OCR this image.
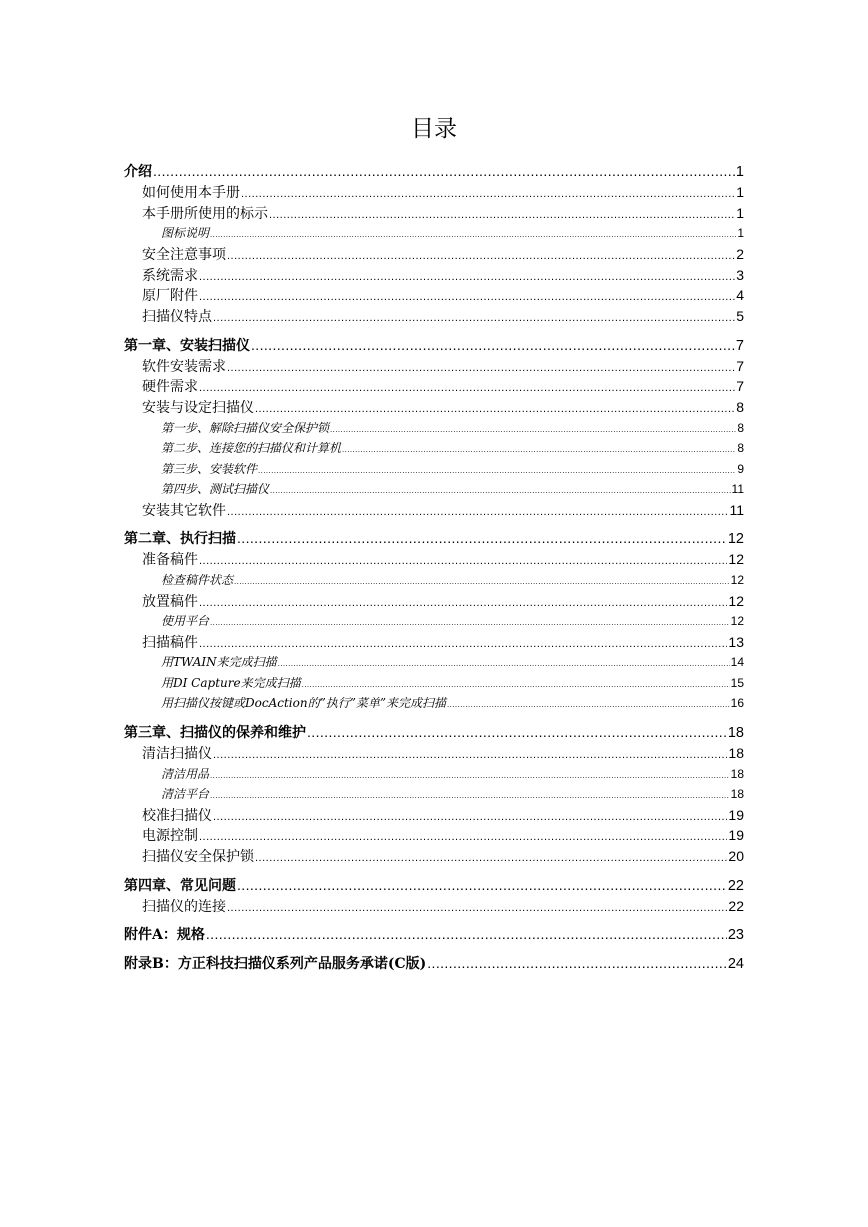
目录
介绍 .....	1
如何使用本手册 .....	1
本手册所使用的标示 .....	1
图标说明 .....	1
安全注意事项 .....	2
系统需求 .....	3
原厂附件 .....	4
扫描仪特点 .....	5
第一章、安装扫描仪 .....	7
软件安装需求 .....	7
硬件需求 .....	7
安装与设定扫描仪 .....	8
第一步、解除扫描仪安全保护锁 .....	8
第二步、连接您的扫描仪和计算机 .....	8
第三步、安装软件 .....	9
第四步、测试扫描仪 .....	11
安装其它软件 .....	11
第二章、执行扫描 .....	12
准备稿件 .....	12
检查稿件状态 .....	12
放置稿件 .....	12
使用平台 .....	12
扫描稿件 .....	13
用TWAIN来完成扫描 .....	14
用DI Capture来完成扫描 .....	15
用扫描仪按键或DocAction的”执行”菜单”来完成扫描 .....	16
第三章、扫描仪的保养和维护 .....	18
清洁扫描仪 .....	18
清洁用品 .....	18
清洁平台 .....	18
校准扫描仪 .....	19
电源控制 .....	19
扫描仪安全保护锁 .....	20
第四章、常见问题 .....	22
扫描仪的连接 .....	22
附件A：规格 .....	23
附录B：方正科技扫描仪系列产品服务承诺(C版) .....	24
